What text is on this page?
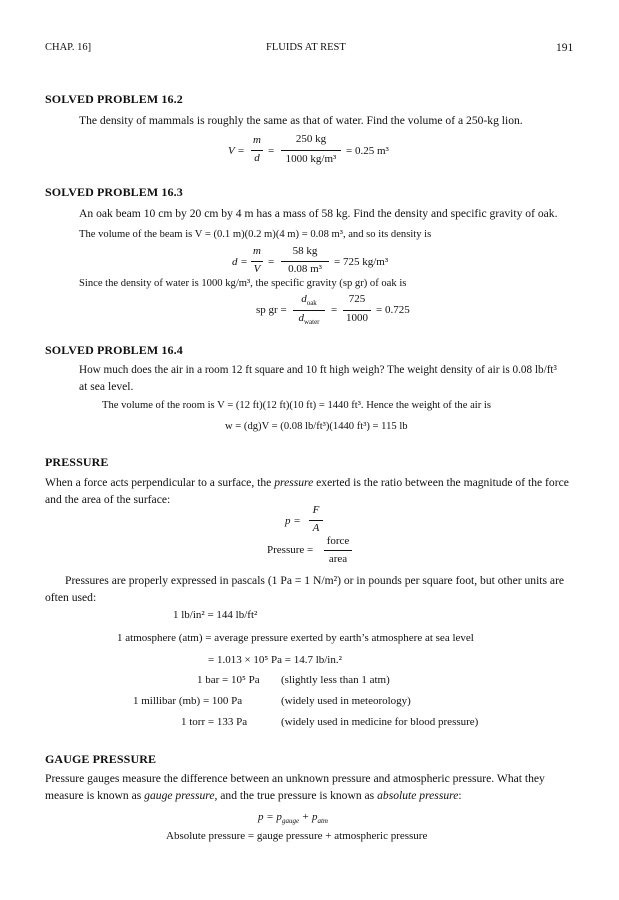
CHAP. 16]	FLUIDS AT REST	191
SOLVED PROBLEM 16.2
The density of mammals is roughly the same as that of water. Find the volume of a 250-kg lion.
V =
m
d
=
250 kg
1000 kg/m³
= 0.25 m³
SOLVED PROBLEM 16.3
An oak beam 10 cm by 20 cm by 4 m has a mass of 58 kg. Find the density and specific gravity of oak.
The volume of the beam is V = (0.1 m)(0.2 m)(4 m) = 0.08 m³, and so its density is
d =
m
V
=
58 kg
0.08 m³
= 725 kg/m³
Since the density of water is 1000 kg/m³, the specific gravity (sp gr) of oak is
sp gr =
$d_{oak}$
$d_{water}$
=
725
1000
= 0.725
SOLVED PROBLEM 16.4
How much does the air in a room 12 ft square and 10 ft high weigh? The weight density of air is 0.08 lb/ft³
at sea level.
The volume of the room is V = (12 ft)(12 ft)(10 ft) = 1440 ft³. Hence the weight of the air is
w = (dg)V = (0.08 lb/ft³)(1440 ft³) = 115 lb
PRESSURE
When a force acts perpendicular to a surface, the pressure exerted is the ratio between the magnitude of the force and the area of the surface:
p =
F
A
Pressure =
force
area
Pressures are properly expressed in pascals (1 Pa = 1 N/m²) or in pounds per square foot, but other units are often used:
1 lb/in² = 144 lb/ft²
1 atmosphere (atm) = average pressure exerted by earth’s atmosphere at sea level
= 1.013 × 10⁵ Pa = 14.7 lb/in.²
1 bar = 10⁵ Pa (slightly less than 1 atm)
1 millibar (mb) = 100 Pa	(widely used in meteorology)
1 torr = 133 Pa	(widely used in medicine for blood pressure)
GAUGE PRESSURE
Pressure gauges measure the difference between an unknown pressure and atmospheric pressure. What they measure is known as gauge pressure, and the true pressure is known as absolute pressure:
$p = p_{gauge} + p_{atm}$
Absolute pressure = gauge pressure + atmospheric pressure
